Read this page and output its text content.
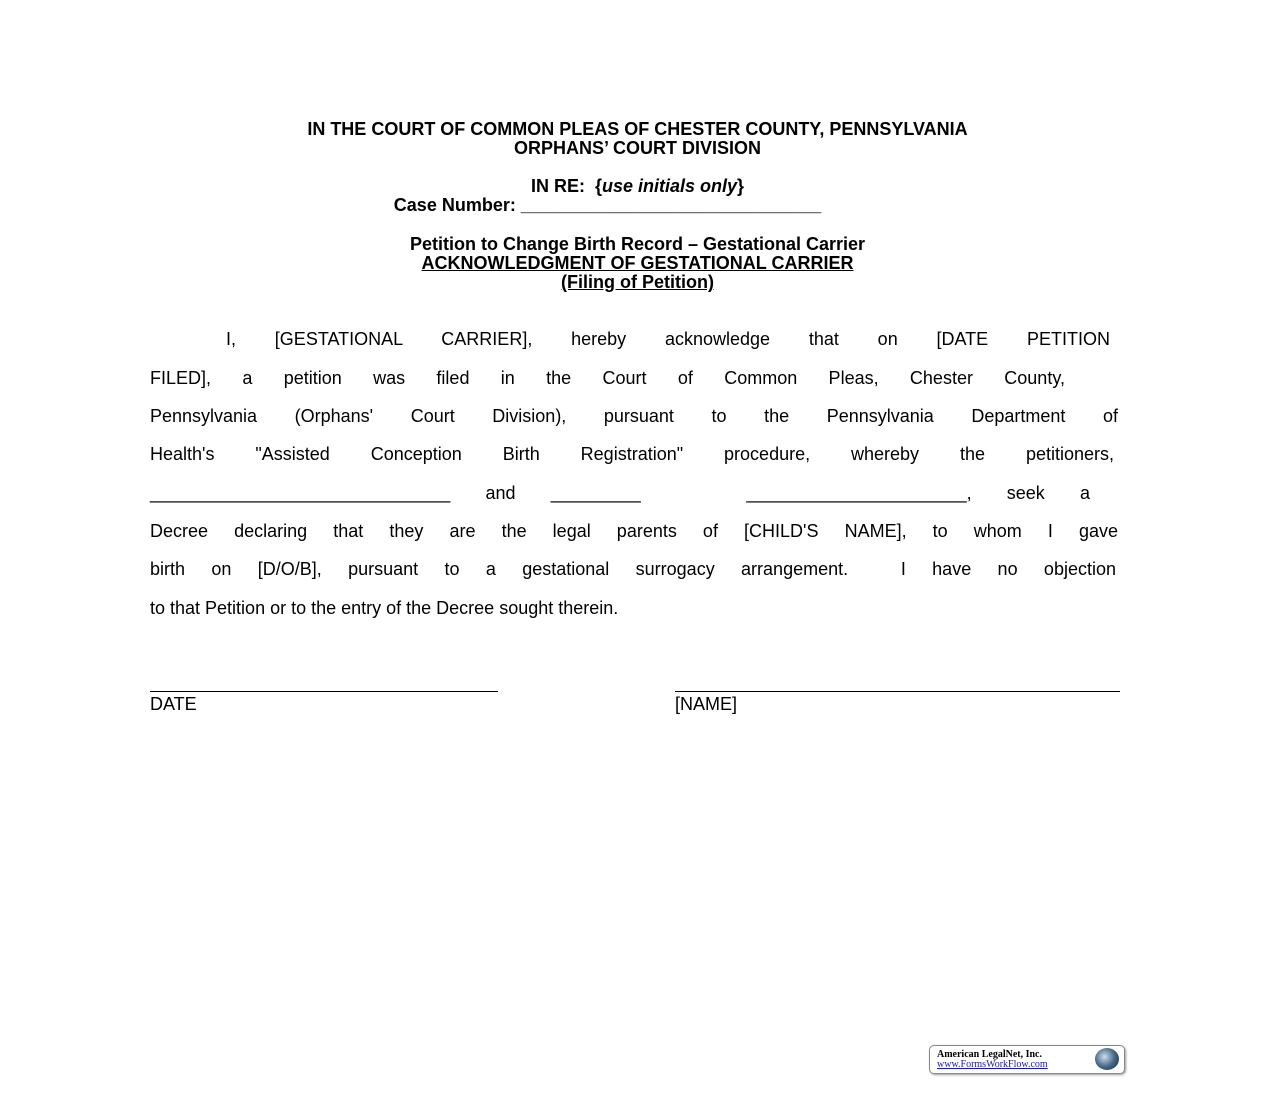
IN THE COURT OF COMMON PLEAS OF CHESTER COUNTY, PENNSYLVANIA
ORPHANS’ COURT DIVISION
IN RE:  {use initials only}
Case Number: ______________________________
Petition to Change Birth Record – Gestational Carrier
ACKNOWLEDGMENT OF GESTATIONAL CARRIER
(Filing of Petition)
I, [GESTATIONAL CARRIER], hereby acknowledge that on [DATE PETITION
FILED], a petition was filed in the Court of Common Pleas, Chester County,
Pennsylvania (Orphans' Court Division), pursuant to the Pennsylvania Department of
Health's "Assisted Conception Birth Registration" procedure, whereby the petitioners,
______________________________ and _________   ______________________, seek a
Decree declaring that they are the legal parents of [CHILD'S NAME], to whom I gave
birth on [D/O/B], pursuant to a gestational surrogacy arrangement.  I have no objection
to that Petition or to the entry of the Decree sought therein.
DATE	[NAME]
American LegalNet, Inc.
www.FormsWorkFlow.com
